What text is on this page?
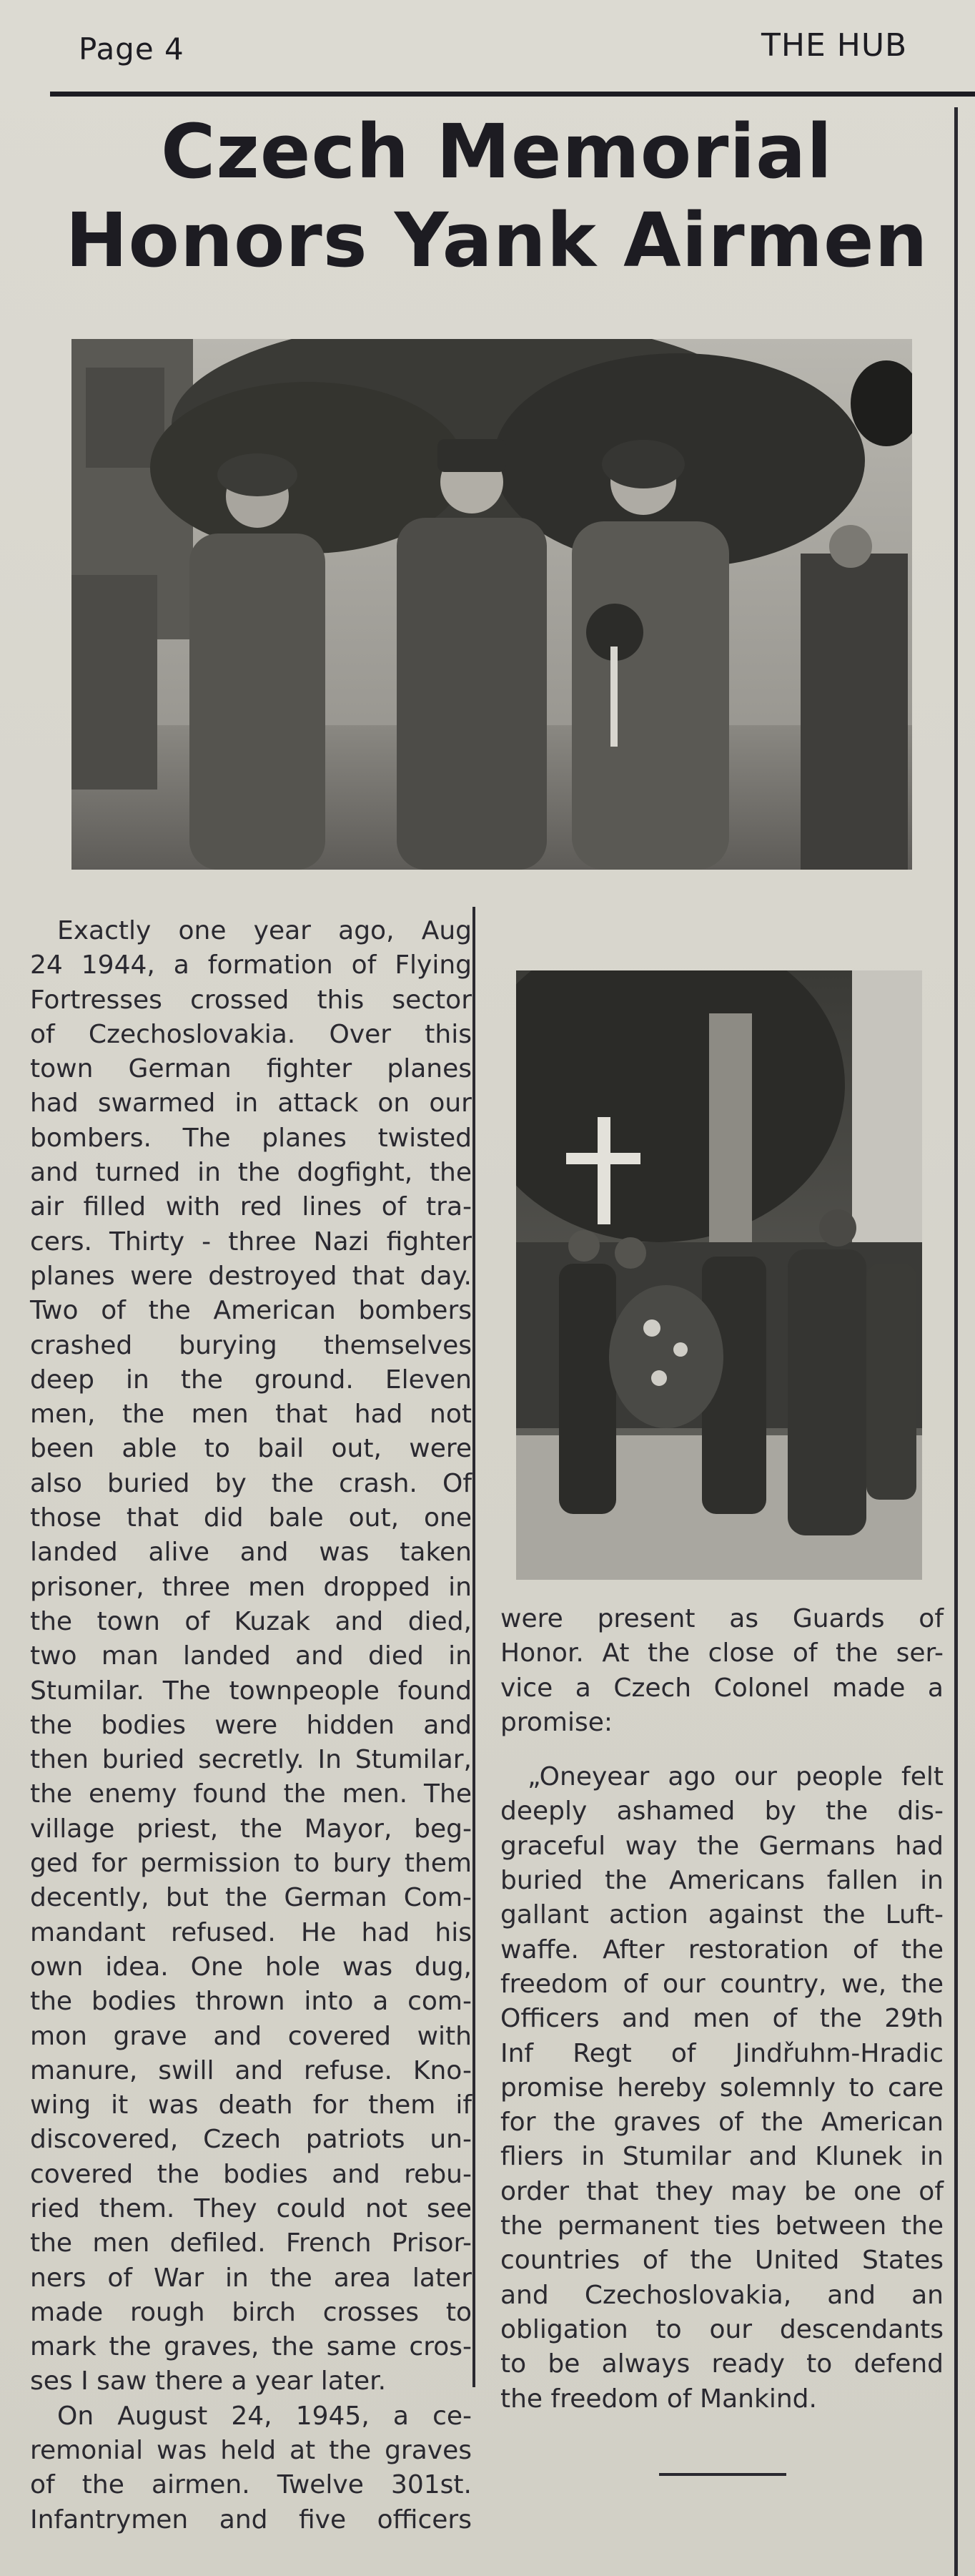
Page 4	THE HUB
Czech Memorial
Honors Yank Airmen

Exactly one year ago, Aug

24 1944, a formation of Flying

Fortresses crossed this sector

of Czechoslovakia. Over this

town German fighter planes

had swarmed in attack on our

bombers. The planes twisted

and turned in the dogfight, the

air filled with red lines of tra-

cers. Thirty - three Nazi fighter

planes were destroyed that day.

Two of the American bombers

crashed burying themselves

deep in the ground. Eleven

men, the men that had not

been able to bail out, were

also buried by the crash. Of

those that did bale out, one

landed alive and was taken

prisoner, three men dropped in

the town of Kuzak and died,

two man landed and died in

Stumilar. The townpeople found

the bodies were hidden and

then buried secretly. In Stumilar,

the enemy found the men. The

village priest, the Mayor, beg-

ged for permission to bury them

decently, but the German Com-

mandant refused. He had his

own idea. One hole was dug,

the bodies thrown into a com-

mon grave and covered with

manure, swill and refuse. Kno-

wing it was death for them if

discovered, Czech patriots un-

covered the bodies and rebu-

ried them. They could not see

the men defiled. French Prisor-

ners of War in the area later

made rough birch crosses to

mark the graves, the same cros-

ses I saw there a year later.

On August 24, 1945, a ce-

remonial was held at the graves

of the airmen. Twelve 301st.

Infantrymen and five officers

were present as Guards of

Honor. At the close of the ser-

vice a Czech Colonel made a

promise:

„Oneyear ago our people felt

deeply ashamed by the dis-

graceful way the Germans had

buried the Americans fallen in

gallant action against the Luft-

waffe. After restoration of the

freedom of our country, we, the

Officers and men of the 29th

Inf Regt of Jindřuhm-Hradic

promise hereby solemnly to care

for the graves of the American

fliers in Stumilar and Klunek in

order that they may be one of

the permanent ties between the

countries of the United States

and Czechoslovakia, and an

obligation to our descendants

to be always ready to defend

the freedom of Mankind.
